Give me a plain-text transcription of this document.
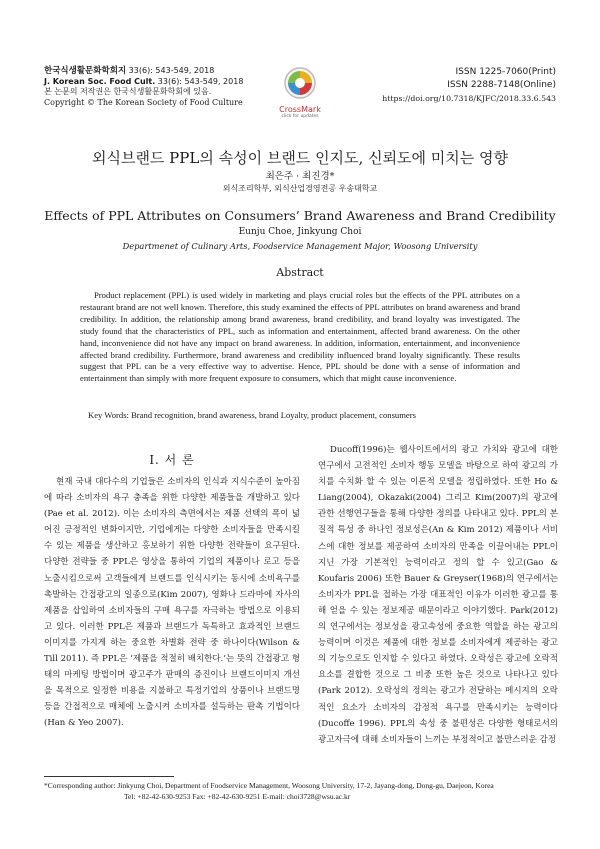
한국식생활문화학회지 33(6): 543-549, 2018
J. Korean Soc. Food Cult. 33(6): 543-549, 2018
본 논문의 저작권은 한국식생활문화학회에 있음.
Copyright © The Korean Society of Food Culture
CrossMark
click for updates
ISSN 1225-7060(Print)
ISSN 2288-7148(Online)
https://doi.org/10.7318/KJFC/2018.33.6.543
외식브랜드 PPL의 속성이 브랜드 인지도, 신뢰도에 미치는 영향
최은주 · 최진경*
외식조리학부, 외식산업경영전공 우송대학교
Effects of PPL Attributes on Consumers’ Brand Awareness and Brand Credibility
Eunju Choe, Jinkyung Choi
Departmenet of Culinary Arts, Foodservice Management Major, Woosong University
Abstract

Product replacement (PPL) is used widely in marketing and plays crucial roles but the effects of the PPL attributes on a restaurant brand are not well known. Therefore, this study examined the effects of PPL attributes on brand awareness and brand credibility. In addition, the relationship among brand awareness, brand credibility, and brand loyalty was investigated. The study found that the characteristics of PPL, such as information and entertainment, affected brand awareness. On the other hand, inconvenience did not have any impact on brand awareness. In addition, information, entertainment, and inconvenience affected brand credibility. Furthermore, brand awareness and credibility influenced brand loyalty significantly. These results suggest that PPL can be a very effective way to advertise. Hence, PPL should be done with a sense of information and entertainment than simply with more frequent exposure to consumers, which that might cause inconvenience.

Key Words: Brand recognition, brand awareness, brand Loyalty, product placement, consumers
Ⅰ. 서 론

현재 국내 대다수의 기업들은 소비자의 인식과 지식수준이 높아짐에 따라 소비자의 욕구 충족을 위한 다양한 제품들을 개발하고 있다(Pae et al. 2012). 이는 소비자의 측면에서는 제품 선택의 폭이 넓어진 긍정적인 변화이지만, 기업에게는 다양한 소비자들을 만족시킬 수 있는 제품을 생산하고 홍보하기 위한 다양한 전략들이 요구된다. 다양한 전략들 중 PPL은 영상을 통하여 기업의 제품이나 로고 등을 노출시킴으로써 고객들에게 브랜드를 인식시키는 동시에 소비욕구를 촉발하는 간접광고의 일종으로(Kim 2007), 영화나 드라마에 자사의 제품을 삽입하여 소비자들의 구매 욕구를 자극하는 방법으로 이용되고 있다. 이러한 PPL은 제품과 브랜드가 독특하고 효과적인 브랜드 이미지를 가지게 하는 중요한 차별화 전략 중 하나이다(Wilson & Till 2011). 즉 PPL은 ‘제품을 적절히 배치한다.’는 뜻의 간접광고 형태의 마케팅 방법이며 광고주가 판매의 증진이나 브랜드이미지 개선을 목적으로 일정한 비용을 지불하고 특정기업의 상품이나 브랜드명 등을 간접적으로 매체에 노출시켜 소비자를 설득하는 판촉 기법이다(Han & Yeo 2007).

Ducoff(1996)는 웹사이트에서의 광고 가치와 광고에 대한 연구에서 고전적인 소비자 행동 모델을 바탕으로 하여 광고의 가치를 수치화 할 수 있는 이론적 모델을 정립하였다. 또한 Ho & Liang(2004), Okazaki(2004) 그리고 Kim(2007)의 광고에 관한 선행연구들을 통해 다양한 정의를 나타내고 있다. PPL의 본질적 특성 중 하나인 정보성은(An & Kim 2012) 제품이나 서비스에 대한 정보를 제공하여 소비자의 만족을 이끌어내는 PPL이 지닌 가장 기본적인 능력이라고 정의 할 수 있고(Gao & Koufaris 2006) 또한 Bauer & Greyser(1968)의 연구에서는 소비자가 PPL을 접하는 가장 대표적인 이유가 이러한 광고를 통해 얻을 수 있는 정보제공 때문이라고 이야기했다. Park(2012)의 연구에서는 정보성을 광고속성에 중요한 역할을 하는 광고의 능력이며 이것은 제품에 대한 정보를 소비자에게 제공하는 광고의 기능으로도 인지할 수 있다고 하였다. 오락성은 광고에 오락적 요소를 결합한 것으로 그 비중 또한 높은 것으로 나타나고 있다(Park 2012). 오락성의 정의는 광고가 전달하는 메시지의 오락적인 요소가 소비자의 감정적 욕구를 만족시키는 능력이다(Ducoffe 1996). PPL의 속성 중 불편성은 다양한 형태로서의 광고자극에 대해 소비자들이 느끼는 부정적이고 불만스러운 감정

*Corresponding author: Jinkyung Choi, Department of Foodservice Management, Woosong University, 17-2, Jayang-dong, Dong-gu, Daejeon, Korea
Tel: +82-42-630-9253 Fax: +82-42-630-9251 E-mail: choi3728@wsu.ac.kr
